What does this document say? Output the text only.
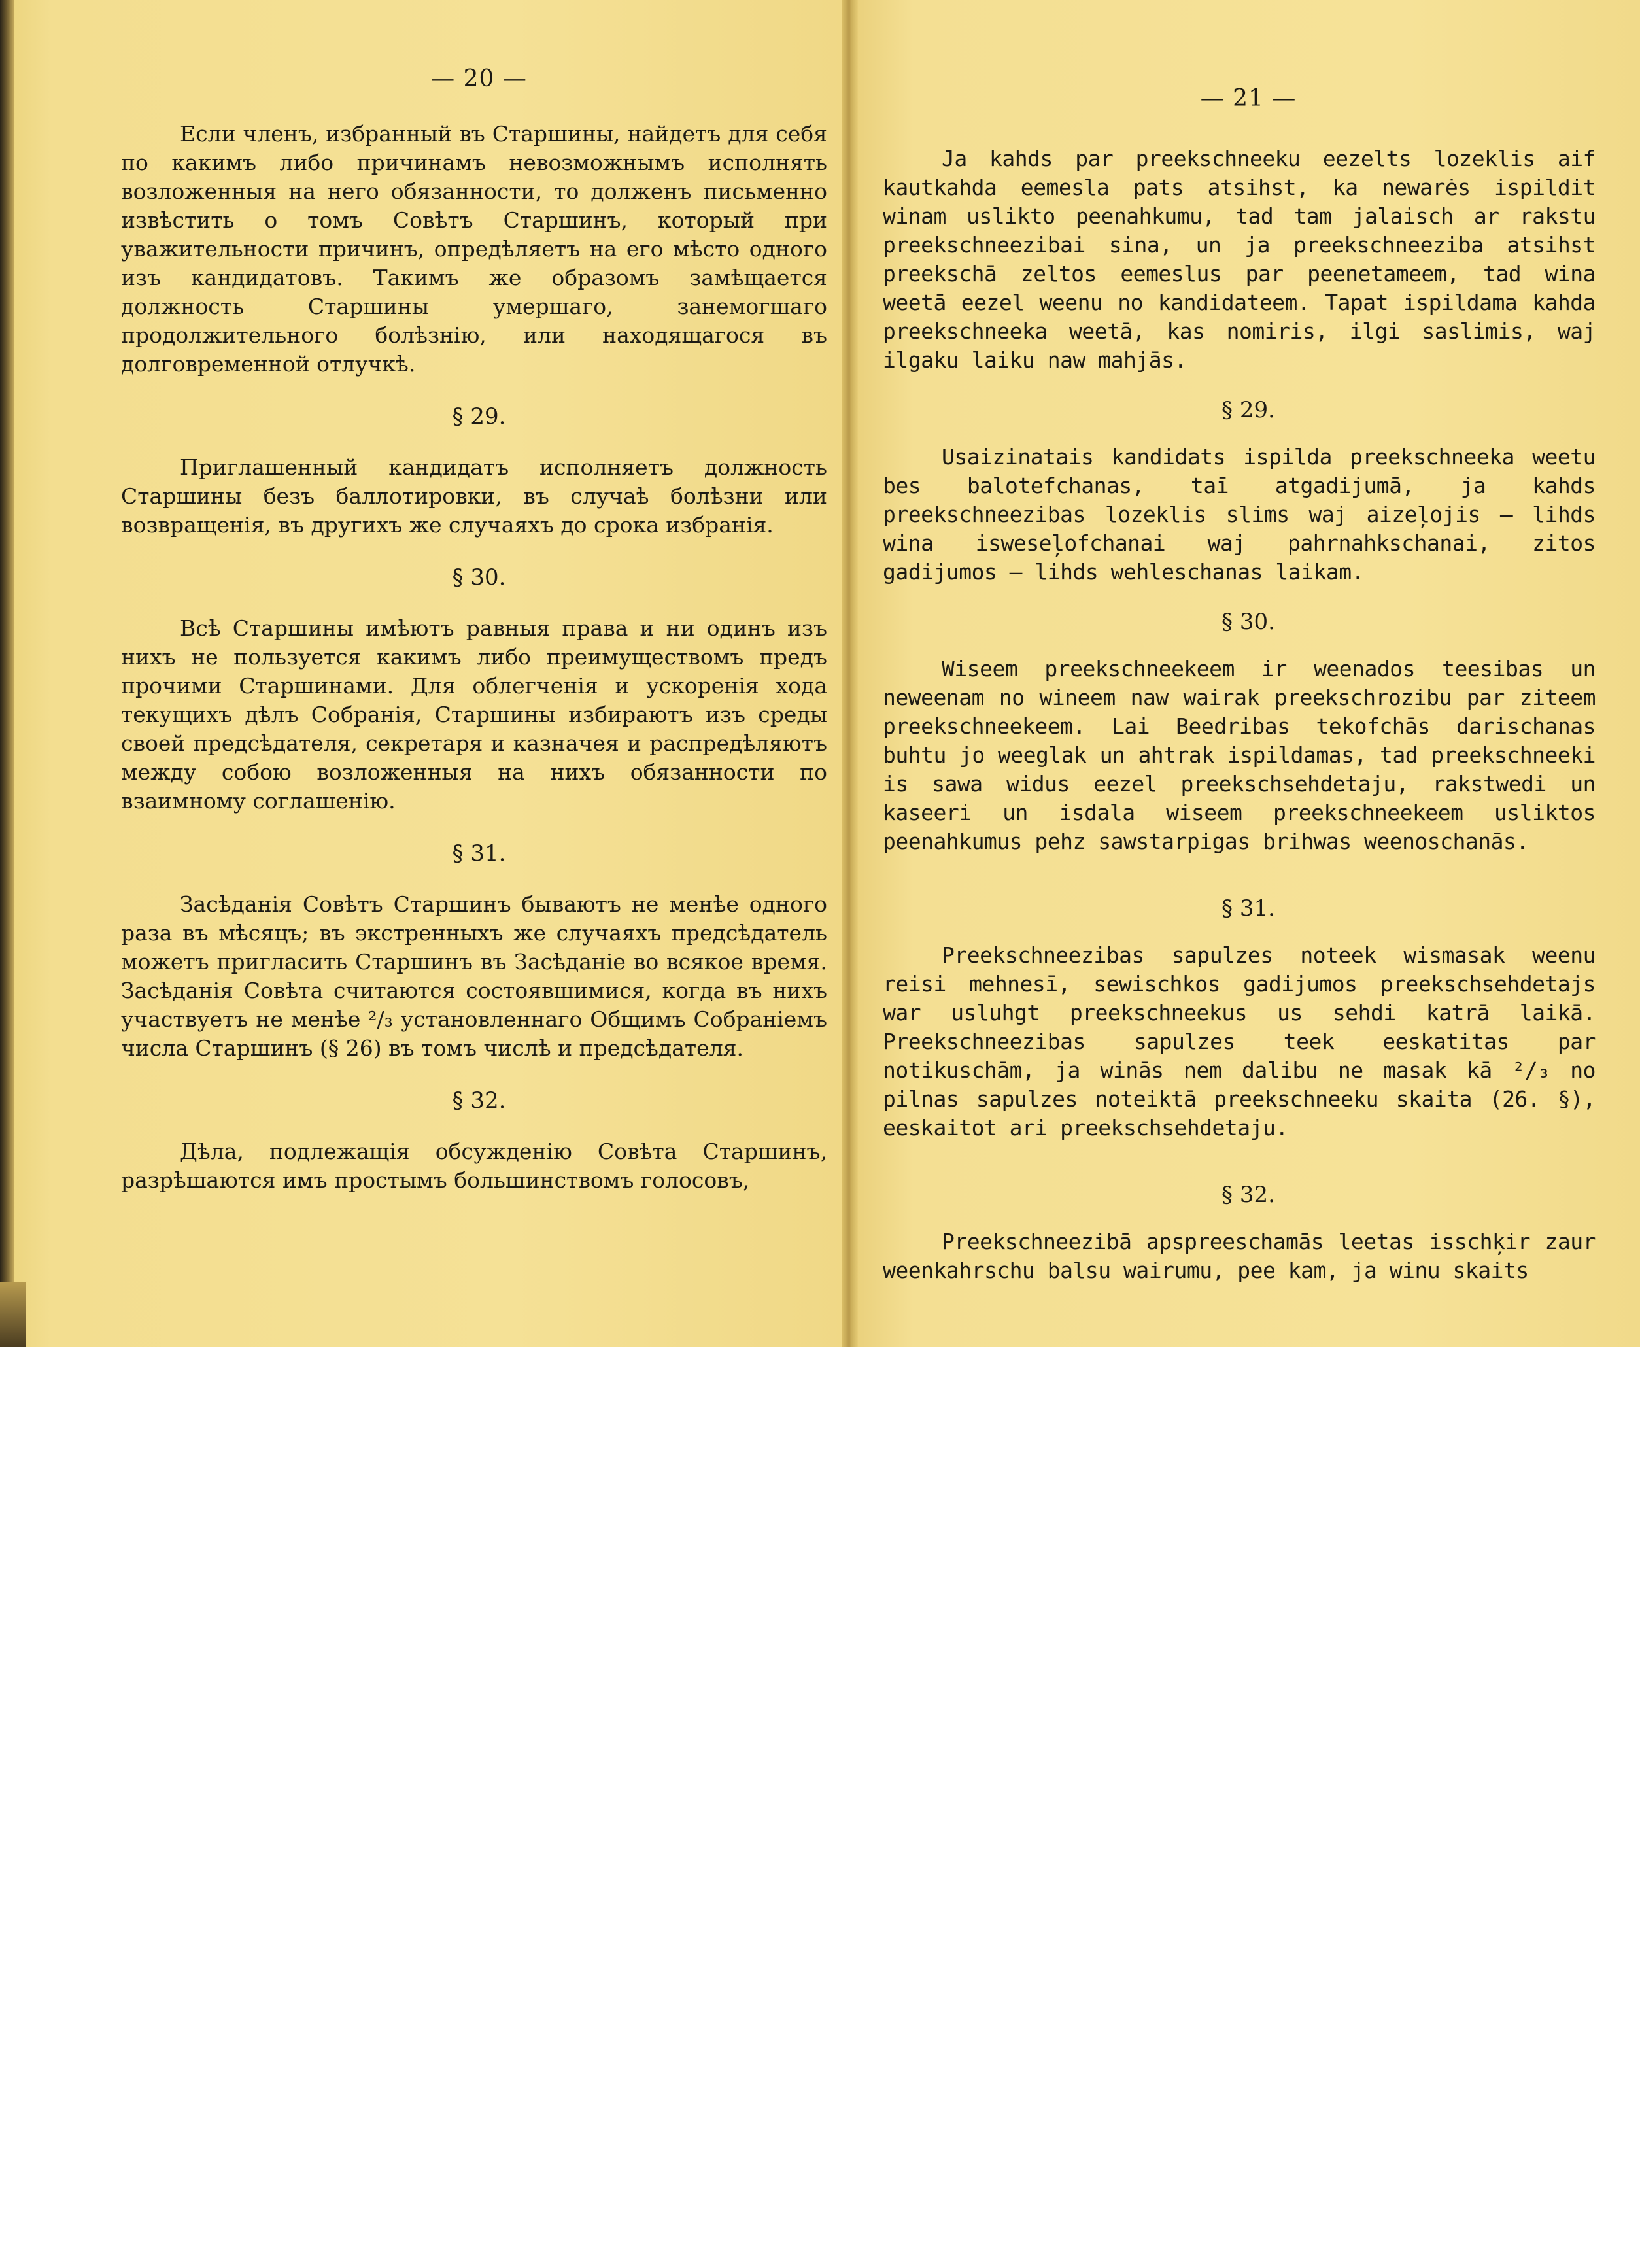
— 20 —

Если членъ, избранный въ Старшины, найдетъ для себя по какимъ либо причинамъ невозможнымъ исполнять возложенныя на него обязанности, то долженъ письменно извѣстить о томъ Совѣтъ Старшинъ, который при уважительности причинъ, опредѣляетъ на его мѣсто одного изъ кандидатовъ. Такимъ же образомъ замѣщается должность Старшины умершаго, занемогшаго продолжительного болѣзнію, или находящагося въ долговременной отлучкѣ.

§ 29.

Приглашенный кандидатъ исполняетъ должность Старшины безъ баллотировки, въ случаѣ болѣзни или возвращенія, въ другихъ же случаяхъ до срока избранія.

§ 30.

Всѣ Старшины имѣютъ равныя права и ни одинъ изъ нихъ не пользуется какимъ либо преимуществомъ предъ прочими Старшинами. Для облегченія и ускоренія хода текущихъ дѣлъ Собранія, Старшины избираютъ изъ среды своей предсѣдателя, секретаря и казначея и распредѣляютъ между собою возложенныя на нихъ обязанности по взаимному соглашенію.

§ 31.

Засѣданія Совѣтъ Старшинъ бываютъ не менѣе одного раза въ мѣсяцъ; въ экстренныхъ же случаяхъ предсѣдатель можетъ пригласить Старшинъ въ Засѣданіе во всякое время. Засѣданія Совѣта считаются состоявшимися, когда въ нихъ участвуетъ не менѣе ²/₃ установленнаго Общимъ Собраніемъ числа Старшинъ (§ 26) въ томъ числѣ и предсѣдателя.

§ 32.

Дѣла, подлежащія обсужденію Совѣта Старшинъ, разрѣшаются имъ простымъ большинствомъ голосовъ,

— 21 —

Ja kahds par preekschneeku eezelts lozeklis aif kautkahda eemesla pats atsihst, ka newarės ispildit winam uslikto peenahkumu, tad tam jalaisch ar rakstu preekschneezibai sina, un ja preekschneeziba atsihst preekschā zeltos eemeslus par peenetameem, tad wina weetā eezel weenu no kandidateem. Tapat ispildama kahda preekschneeka weetā, kas nomiris, ilgi saslimis, waj ilgaku laiku naw mahjās.

§ 29.

Usaizinatais kandidats ispilda preekschneeka weetu bes balotefchanas, taī atgadijumā, ja kahds preekschneezibas lozeklis slims waj aizeļojis — lihds wina isweseļofchanai waj pahrnahkschanai, zitos gadijumos — lihds wehleschanas laikam.

§ 30.

Wiseem preekschneekeem ir weenados teesibas un neweenam no wineem naw wairak preekschrozibu par ziteem preekschneekeem. Lai Beedribas tekofchās darischanas buhtu jo weeglak un ahtrak ispildamas, tad preekschneeki is sawa widus eezel preekschsehdetaju, rakstwedi un kaseeri un isdala wiseem preekschneekeem usliktos peenahkumus pehz sawstarpigas brihwas weenoschanās.

§ 31.

Preekschneezibas sapulzes noteek wismasak weenu reisi mehnesī, sewischkos gadijumos preekschsehdetajs war usluhgt preekschneekus us sehdi katrā laikā. Preekschneezibas sapulzes teek eeskatitas par notikuschām, ja winās nem dalibu ne masak kā ²/₃ no pilnas sapulzes noteiktā preekschneeku skaita (26. §), eeskaitot ari preekschsehdetaju.

§ 32.

Preekschneezibā apspreeschamās leetas isschķir zaur weenkahrschu balsu wairumu, pee kam, ja winu skaits
